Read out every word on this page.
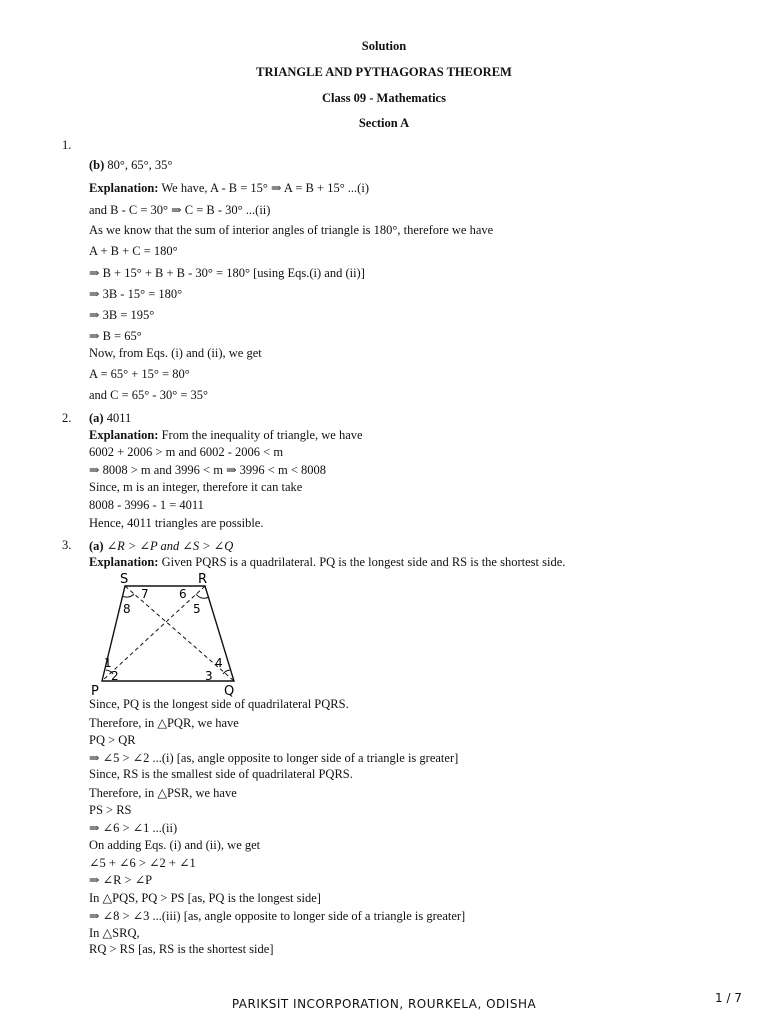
Solution
TRIANGLE AND PYTHAGORAS THEOREM
Class 09 - Mathematics
Section A
1.
(b) 80°, 65°, 35°
Explanation: We have, A - B = 15° ⇒ A = B + 15° ...(i)
and B - C = 30° ⇒ C = B - 30° ...(ii)
As we know that the sum of interior angles of triangle is 180°, therefore we have
A + B + C = 180°
⇒ B + 15° + B + B - 30° = 180° [using Eqs.(i) and (ii)]
⇒ 3B - 15° = 180°
⇒ 3B = 195°
⇒ B = 65°
Now, from Eqs. (i) and (ii), we get
A = 65° + 15° = 80°
and C = 65° - 30° = 35°
2. (a) 4011
Explanation: From the inequality of triangle, we have
6002 + 2006 > m and 6002 - 2006 < m
⇒ 8008 > m and 3996 < m ⇒ 3996 < m < 8008
Since, m is an integer, therefore it can take
8008 - 3996 - 1 = 4011
Hence, 4011 triangles are possible.
3. (a) ∠R > ∠P and ∠S > ∠Q
Explanation: Given PQRS is a quadrilateral. PQ is the longest side and RS is the shortest side.
S	R
P	Q
7	6
8	5
1	4
2	3
Since, PQ is the longest side of quadrilateral PQRS.
Therefore, in △PQR, we have
PQ > QR
⇒ ∠5 > ∠2 ...(i) [as, angle opposite to longer side of a triangle is greater]
Since, RS is the smallest side of quadrilateral PQRS.
Therefore, in △PSR, we have
PS > RS
⇒ ∠6 > ∠1 ...(ii)
On adding Eqs. (i) and (ii), we get
∠5 + ∠6 > ∠2 + ∠1
⇒ ∠R > ∠P
In △PQS, PQ > PS [as, PQ is the longest side]
⇒ ∠8 > ∠3 ...(iii) [as, angle opposite to longer side of a triangle is greater]
In △SRQ,
RQ > RS [as, RS is the shortest side]
PARIKSIT INCORPORATION, ROURKELA, ODISHA	1 / 7
